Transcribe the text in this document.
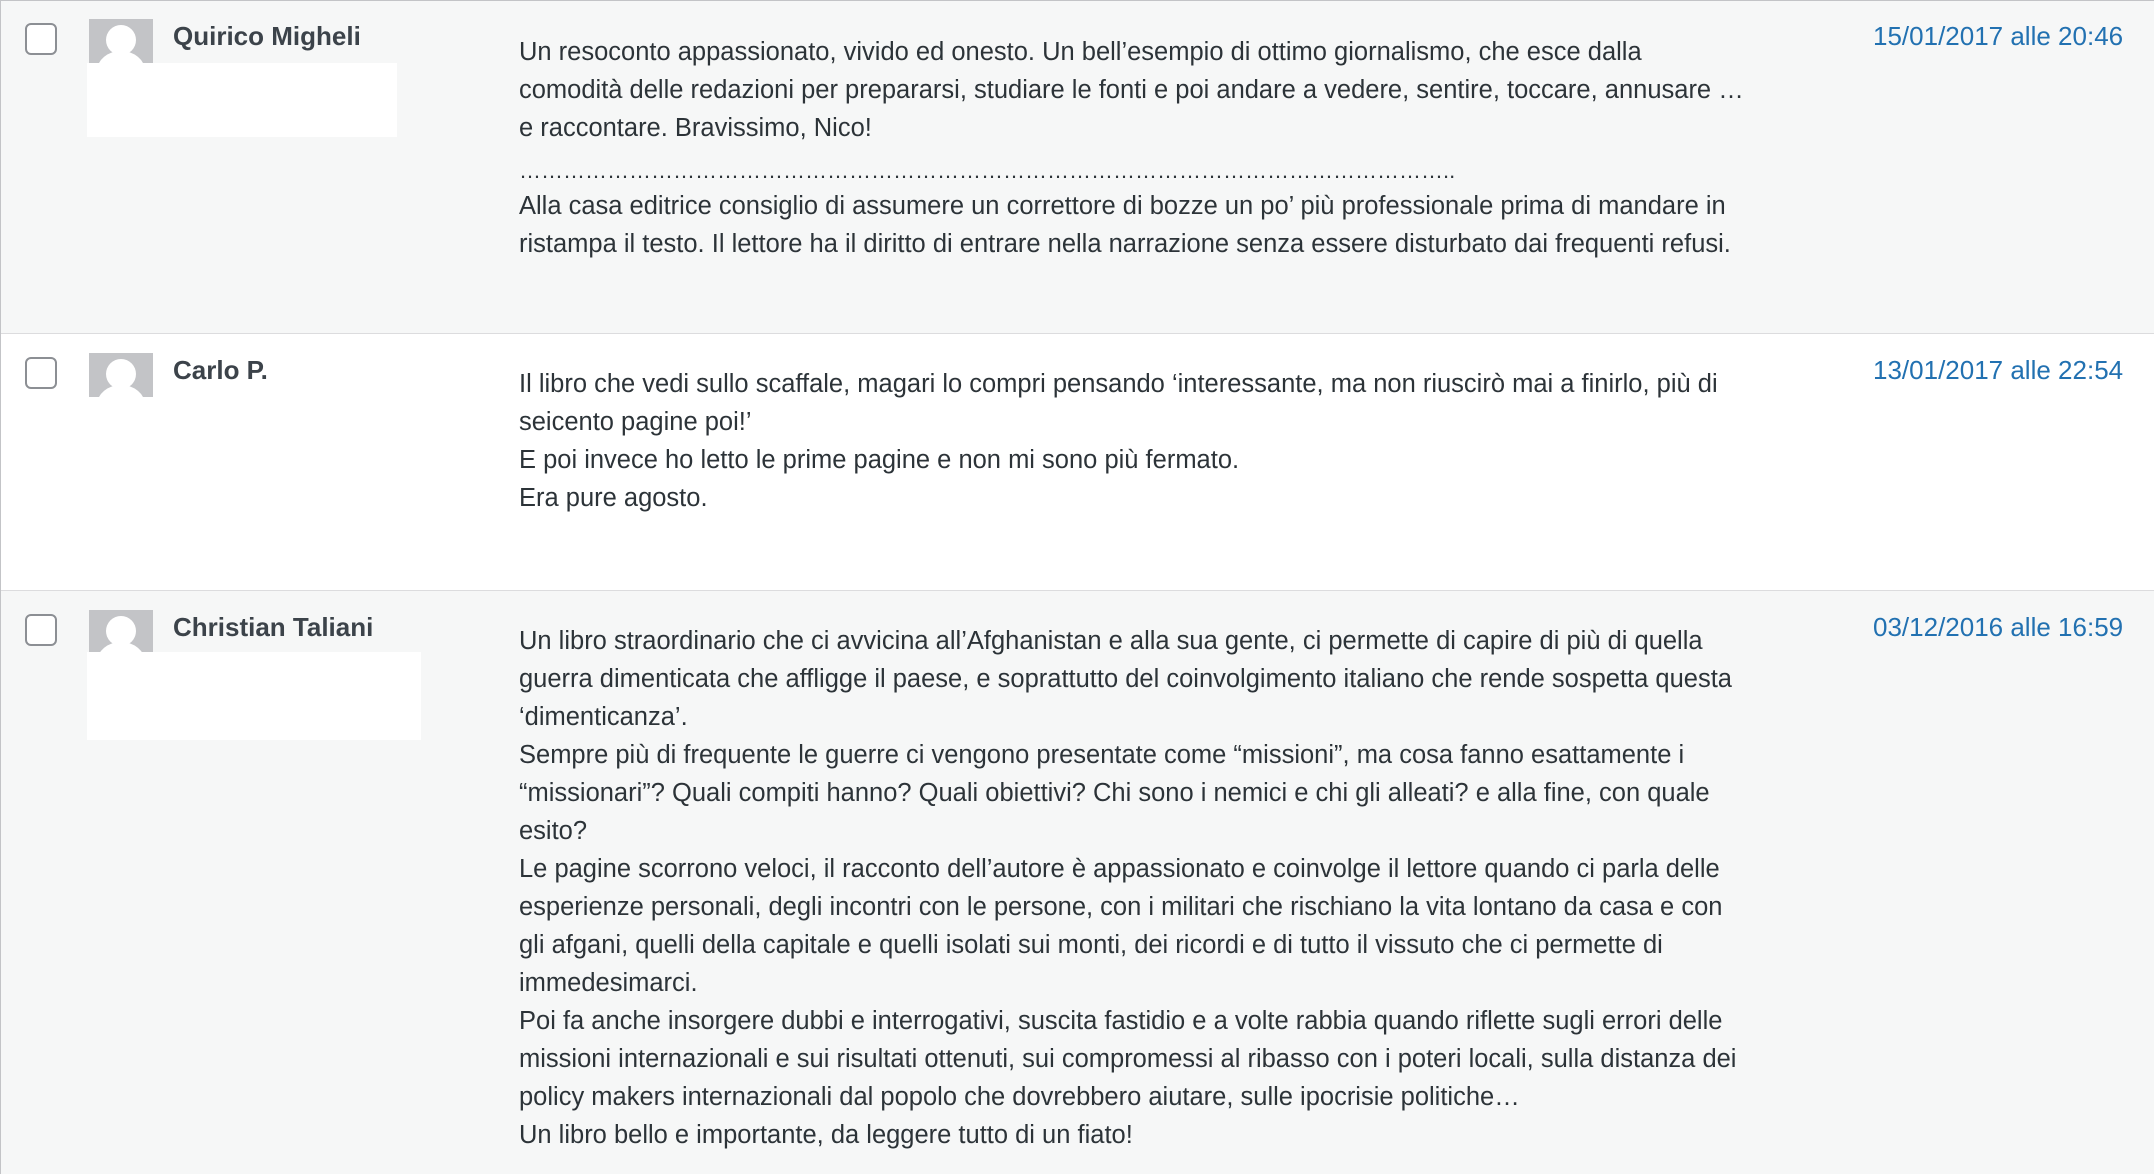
Quirico Migheli

Un resoconto appassionato, vivido ed onesto. Un bell’esempio di ottimo giornalismo, che esce dalla

comodità delle redazioni per prepararsi, studiare le fonti e poi andare a vedere, sentire, toccare, annusare …

e raccontare. Bravissimo, Nico!

………………………………………………………………………………………………………………..

Alla casa editrice consiglio di assumere un correttore di bozze un po’ più professionale prima di mandare in

ristampa il testo. Il lettore ha il diritto di entrare nella narrazione senza essere disturbato dai frequenti refusi.

15/01/2017 alle 20:46
Carlo P.	Il libro che vedi sullo scaffale, magari lo compri pensando ‘interessante, ma non riuscirò mai a finirlo, più di

seicento pagine poi!’

E poi invece ho letto le prime pagine e non mi sono più fermato.

Era pure agosto.

13/01/2017 alle 22:54
Christian Taliani	Un libro straordinario che ci avvicina all’Afghanistan e alla sua gente, ci permette di capire di più di quella

guerra dimenticata che affligge il paese, e soprattutto del coinvolgimento italiano che rende sospetta questa

‘dimenticanza’.

Sempre più di frequente le guerre ci vengono presentate come “missioni”, ma cosa fanno esattamente i

“missionari”? Quali compiti hanno? Quali obiettivi? Chi sono i nemici e chi gli alleati? e alla fine, con quale

esito?

Le pagine scorrono veloci, il racconto dell’autore è appassionato e coinvolge il lettore quando ci parla delle

esperienze personali, degli incontri con le persone, con i militari che rischiano la vita lontano da casa e con

gli afgani, quelli della capitale e quelli isolati sui monti, dei ricordi e di tutto il vissuto che ci permette di

immedesimarci.

Poi fa anche insorgere dubbi e interrogativi, suscita fastidio e a volte rabbia quando riflette sugli errori delle

missioni internazionali e sui risultati ottenuti, sui compromessi al ribasso con i poteri locali, sulla distanza dei

policy makers internazionali dal popolo che dovrebbero aiutare, sulle ipocrisie politiche…

Un libro bello e importante, da leggere tutto di un fiato!

03/12/2016 alle 16:59
